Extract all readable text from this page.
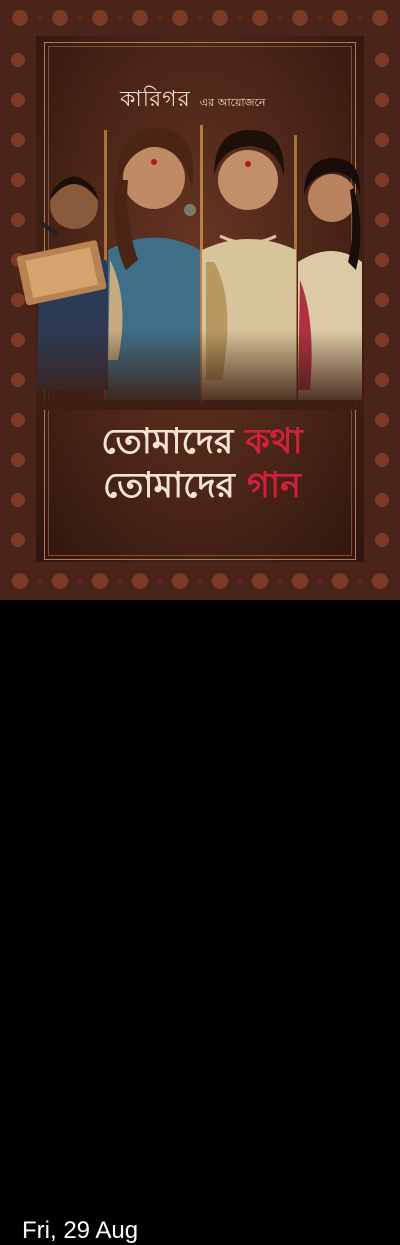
কারিগর এর আয়োজনে
তোমাদের কথা
তোমাদের গান
Fri, 29 Aug
